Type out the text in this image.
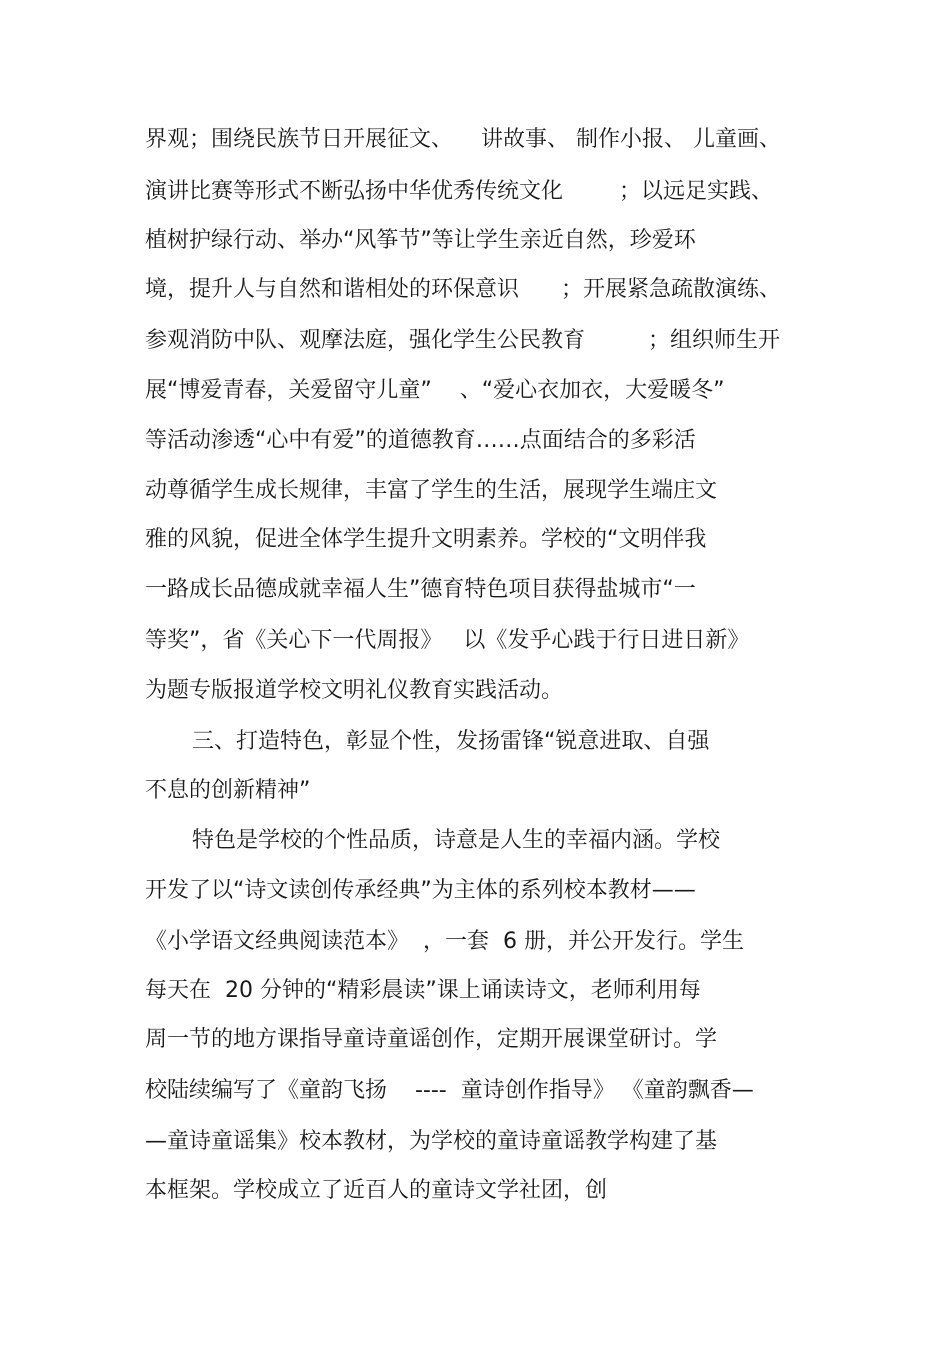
界观；围绕民族节日开展征文、    讲故事、 制作小报、 儿童画、
演讲比赛等形式不断弘扬中华优秀传统文化        ；以远足实践、
植树护绿行动、举办“风筝节”等让学生亲近自然，珍爱环
境，提升人与自然和谐相处的环保意识      ；开展紧急疏散演练、
参观消防中队、观摩法庭，强化学生公民教育         ；组织师生开
展“博爱青春，关爱留守儿童”    、“爱心衣加衣，大爱暖冬”
等活动渗透“心中有爱”的道德教育……点面结合的多彩活
动尊循学生成长规律，丰富了学生的生活，展现学生端庄文
雅的风貌，促进全体学生提升文明素养。学校的“文明伴我
一路成长品德成就幸福人生”德育特色项目获得盐城市“一
等奖”，省《关心下一代周报》   以《发乎心践于行日进日新》
为题专版报道学校文明礼仪教育实践活动。
三、打造特色，彰显个性，发扬雷锋“锐意进取、自强
不息的创新精神”
特色是学校的个性品质，诗意是人生的幸福内涵。学校
开发了以“诗文读创传承经典”为主体的系列校本教材——
《小学语文经典阅读范本》  ，一套  6 册，并公开发行。学生
每天在  20 分钟的“精彩晨读”课上诵读诗文，老师利用每
周一节的地方课指导童诗童谣创作，定期开展课堂研讨。学
校陆续编写了《童韵飞扬    ----  童诗创作指导》 《童韵飘香—
—童诗童谣集》校本教材，为学校的童诗童谣教学构建了基
本框架。学校成立了近百人的童诗文学社团，创
